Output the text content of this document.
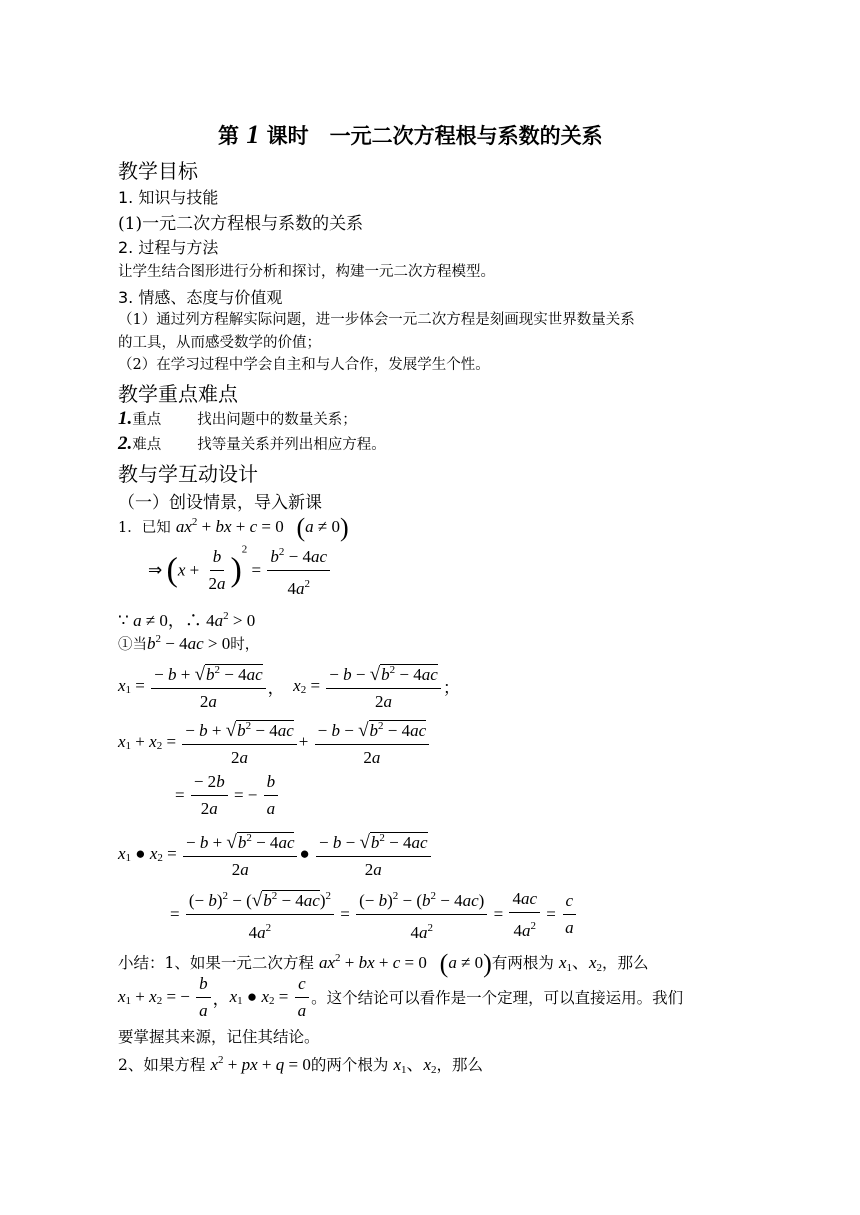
第 1 课时　一元二次方程根与系数的关系
教学目标
1. 知识与技能
(1)一元二次方程根与系数的关系
2. 过程与方法
让学生结合图形进行分析和探讨，构建一元二次方程模型。
3. 情感、态度与价值观
（1）通过列方程解实际问题，进一步体会一元二次方程是刻画现实世界数量关系
的工具，从而感受数学的价值；
（2）在学习过程中学会自主和与人合作，发展学生个性。
教学重点难点
1.重点 找出问题中的数量关系；
2.难点 找等量关系并列出相应方程。
教与学互动设计
（一）创设情景，导入新课
1．已知 $ax^2$ + bx + c = 0   (a ≠ 0)
⇒ $(x + \frac{b}{2a} )^2 = \frac{b^2 - 4ac}{4a^2}$
∵ a ≠ 0，∴ $4a^2 > 0$
①当$b^2 - 4ac > 0$时，
$x_1 = \frac{- b + √b^2 - 4ac}{2a}$ ，  $x_2 = \frac{- b - √b^2 - 4ac}{2a}$ ；
$x_1 + x_2 = \frac{- b + √b^2 - 4ac}{2a} + \frac{- b - √b^2 - 4ac}{2a}$
= $\frac{- 2b}{2a}$ = − $\frac{b}{a}$
$x_1$ ● $x_2 = \frac{- b + √b^2 - 4ac}{2a}$ ● $\frac{- b - √b^2 - 4ac}{2a}$
= $\frac{(- b)^2 - (√b^2 - 4ac)^2}{4a^2} = \frac{(- b)^2 - (b^2 - 4ac)}{4a^2} = \frac{4ac}{4a^2} = \frac{c}{a}$
小结：1、如果一元二次方程 $ax^2$ + bx + c = 0   (a ≠ 0)有两根为 $x_1$、$x_2$，那么
$x_1 + x_2$ = − $\frac{b}{a}$ ，$x_1$ ● $x_2 = \frac{c}{a}$ 。这个结论可以看作是一个定理，可以直接运用。我们
要掌握其来源，记住其结论。
2、如果方程 $x^2$ + px + q = 0的两个根为 $x_1$、$x_2$，那么
